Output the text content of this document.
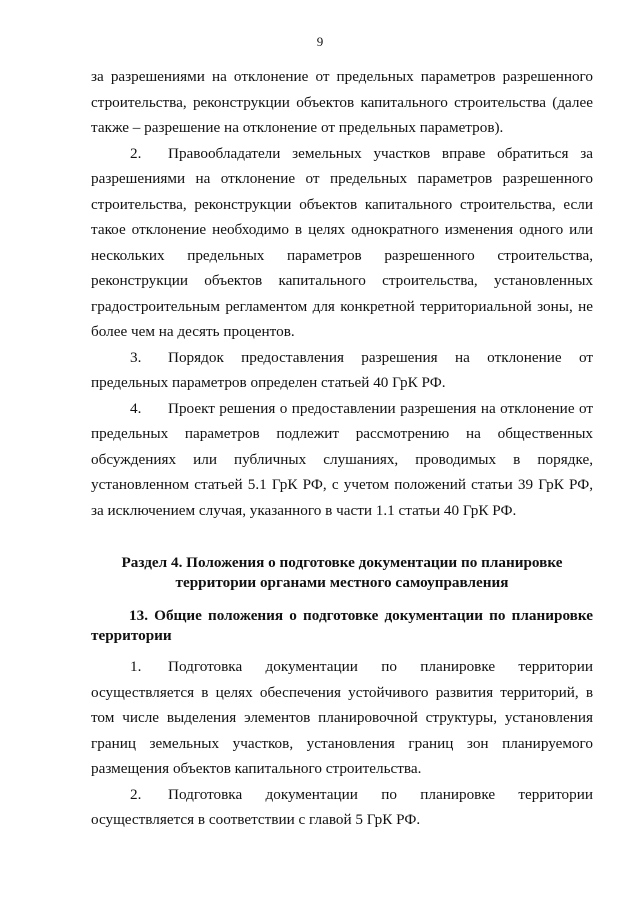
9

за разрешениями на отклонение от предельных параметров разрешенного строительства, реконструкции объектов капитального строительства (далее также – разрешение на отклонение от предельных параметров).

2. Правообладатели земельных участков вправе обратиться за разрешениями на отклонение от предельных параметров разрешенного строительства, реконструкции объектов капитального строительства, если такое отклонение необходимо в целях однократного изменения одного или нескольких предельных параметров разрешенного строительства, реконструкции объектов капитального строительства, установленных градостроительным регламентом для конкретной территориальной зоны, не более чем на десять процентов.

3. Порядок предоставления разрешения на отклонение от предельных параметров определен статьей 40 ГрК РФ.

4. Проект решения о предоставлении разрешения на отклонение от предельных параметров подлежит рассмотрению на общественных обсуждениях или публичных слушаниях, проводимых в порядке, установленном статьей 5.1 ГрК РФ, с учетом положений статьи 39 ГрК РФ, за исключением случая, указанного в части 1.1 статьи 40 ГрК РФ.

Раздел 4. Положения о подготовке документации по планировке
территории органами местного самоуправления

13. Общие положения о подготовке документации по планировке территории

1. Подготовка документации по планировке территории осуществляется в целях обеспечения устойчивого развития территорий, в том числе выделения элементов планировочной структуры, установления границ земельных участков, установления границ зон планируемого размещения объектов капитального строительства.

2. Подготовка документации по планировке территории осуществляется в соответствии с главой 5 ГрК РФ.
